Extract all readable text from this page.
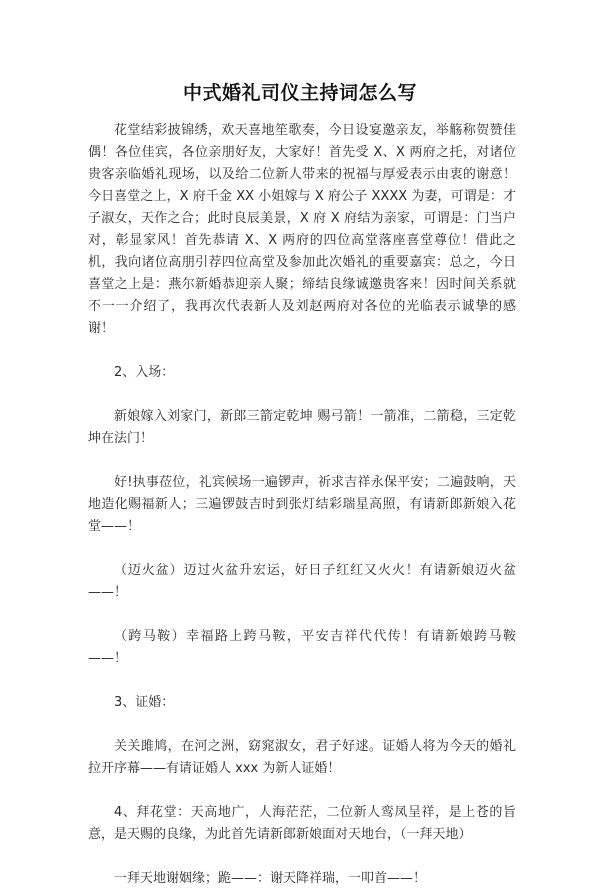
中式婚礼司仪主持词怎么写

花堂结彩披锦绣，欢天喜地笙歌奏，今日设宴邀亲友，举觞称贺赞佳偶！各位佳宾，各位亲朋好友，大家好！首先受 X、X 两府之托，对诸位贵客亲临婚礼现场，以及给二位新人带来的祝福与厚爱表示由衷的谢意！今日喜堂之上，X 府千金 XX 小姐嫁与 X 府公子 XXXX 为妻，可谓是：才子淑女，天作之合；此时良辰美景，X 府 X 府结为亲家，可谓是：门当户对，彰显家风！首先恭请 X、X 两府的四位高堂落座喜堂尊位！借此之机，我向诸位高朋引荐四位高堂及参加此次婚礼的重要嘉宾：总之，今日喜堂之上是：燕尔新婚恭迎亲人聚；缔结良缘诚邀贵客来！因时间关系就不一一介绍了，我再次代表新人及刘赵两府对各位的光临表示诚挚的感谢！

2、入场：

新娘嫁入刘家门，新郎三箭定乾坤 赐弓箭！一箭准，二箭稳，三定乾坤在法门！

好!执事莅位，礼宾候场一遍锣声，祈求吉祥永保平安；二遍鼓响，天地造化赐福新人；三遍锣鼓吉时到张灯结彩瑞星高照，有请新郎新娘入花堂——！

（迈火盆）迈过火盆升宏运，好日子红红又火火！有请新娘迈火盆——！

（跨马鞍）幸福路上跨马鞍，平安吉祥代代传！有请新娘跨马鞍——！

3、证婚：

关关雎鸠，在河之洲，窈窕淑女，君子好逑。证婚人将为今天的婚礼拉开序幕——有请证婚人 xxx 为新人证婚！

4、拜花堂：天高地广，人海茫茫，二位新人鸾凤呈祥，是上苍的旨意，是天赐的良缘，为此首先请新郎新娘面对天地台，（一拜天地）

一拜天地谢姻缘；跪——：谢天降祥瑞，一叩首——！
